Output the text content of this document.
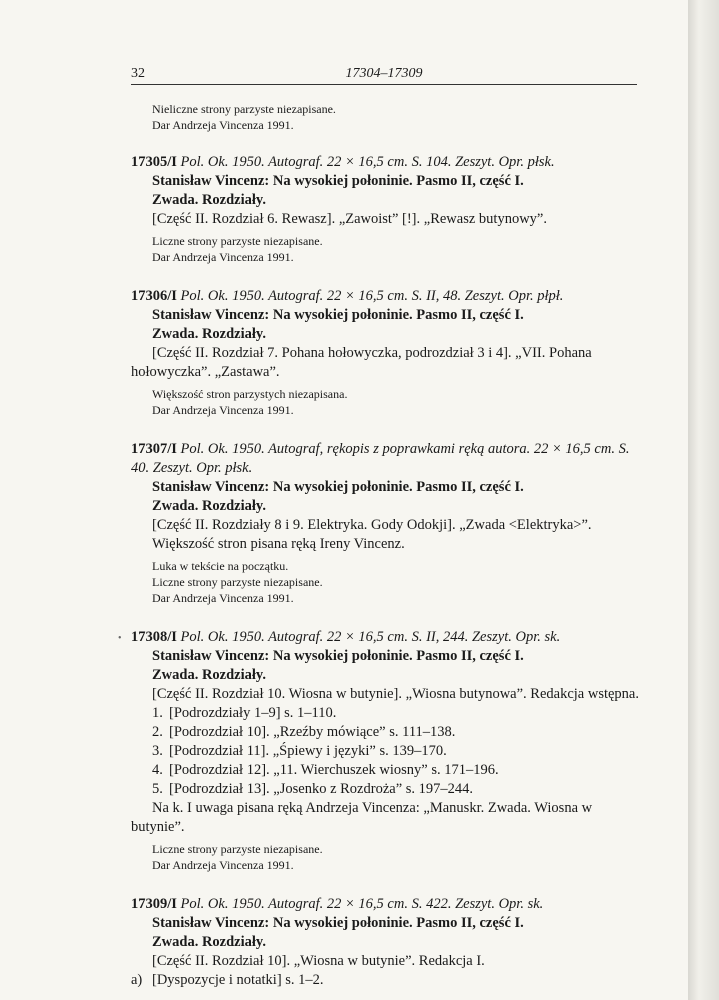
32	17304–17309
Nieliczne strony parzyste niezapisane.
Dar Andrzeja Vincenza 1991.
17305/I Pol. Ok. 1950. Autograf. 22 × 16,5 cm. S. 104. Zeszyt. Opr. płsk.
Stanisław Vincenz: Na wysokiej połoninie. Pasmo II, część I.
Zwada. Rozdziały.
[Część II. Rozdział 6. Rewasz]. „Zawoist” [!]. „Rewasz butynowy”.
Liczne strony parzyste niezapisane.
Dar Andrzeja Vincenza 1991.
17306/I Pol. Ok. 1950. Autograf. 22 × 16,5 cm. S. II, 48. Zeszyt. Opr. płpł.
Stanisław Vincenz: Na wysokiej połoninie. Pasmo II, część I.
Zwada. Rozdziały.
[Część II. Rozdział 7. Pohana hołowyczka, podrozdział 3 i 4]. „VII. Pohana hołowyczka”. „Zastawa”.
Większość stron parzystych niezapisana.
Dar Andrzeja Vincenza 1991.
17307/I Pol. Ok. 1950. Autograf, rękopis z poprawkami ręką autora. 22 × 16,5 cm. S. 40. Zeszyt. Opr. płsk.
Stanisław Vincenz: Na wysokiej połoninie. Pasmo II, część I.
Zwada. Rozdziały.
[Część II. Rozdziały 8 i 9. Elektryka. Gody Odokji]. „Zwada <Elektryka>”.
Większość stron pisana ręką Ireny Vincenz.
Luka w tekście na początku.
Liczne strony parzyste niezapisane.
Dar Andrzeja Vincenza 1991.
17308/I Pol. Ok. 1950. Autograf. 22 × 16,5 cm. S. II, 244. Zeszyt. Opr. sk.
Stanisław Vincenz: Na wysokiej połoninie. Pasmo II, część I.
Zwada. Rozdziały.
[Część II. Rozdział 10. Wiosna w butynie]. „Wiosna butynowa”. Redakcja wstępna.
1. [Podrozdziały 1–9] s. 1–110.
2. [Podrozdział 10]. „Rzeźby mówiące” s. 111–138.
3. [Podrozdział 11]. „Śpiewy i języki” s. 139–170.
4. [Podrozdział 12]. „11. Wierchuszek wiosny” s. 171–196.
5. [Podrozdział 13]. „Josenko z Rozdroża” s. 197–244.
Na k. I uwaga pisana ręką Andrzeja Vincenza: „Manuskr. Zwada. Wiosna w butynie”.
Liczne strony parzyste niezapisane.
Dar Andrzeja Vincenza 1991.
17309/I Pol. Ok. 1950. Autograf. 22 × 16,5 cm. S. 422. Zeszyt. Opr. sk.
Stanisław Vincenz: Na wysokiej połoninie. Pasmo II, część I.
Zwada. Rozdziały.
[Część II. Rozdział 10]. „Wiosna w butynie”. Redakcja I.
a) [Dyspozycje i notatki] s. 1–2.
•
